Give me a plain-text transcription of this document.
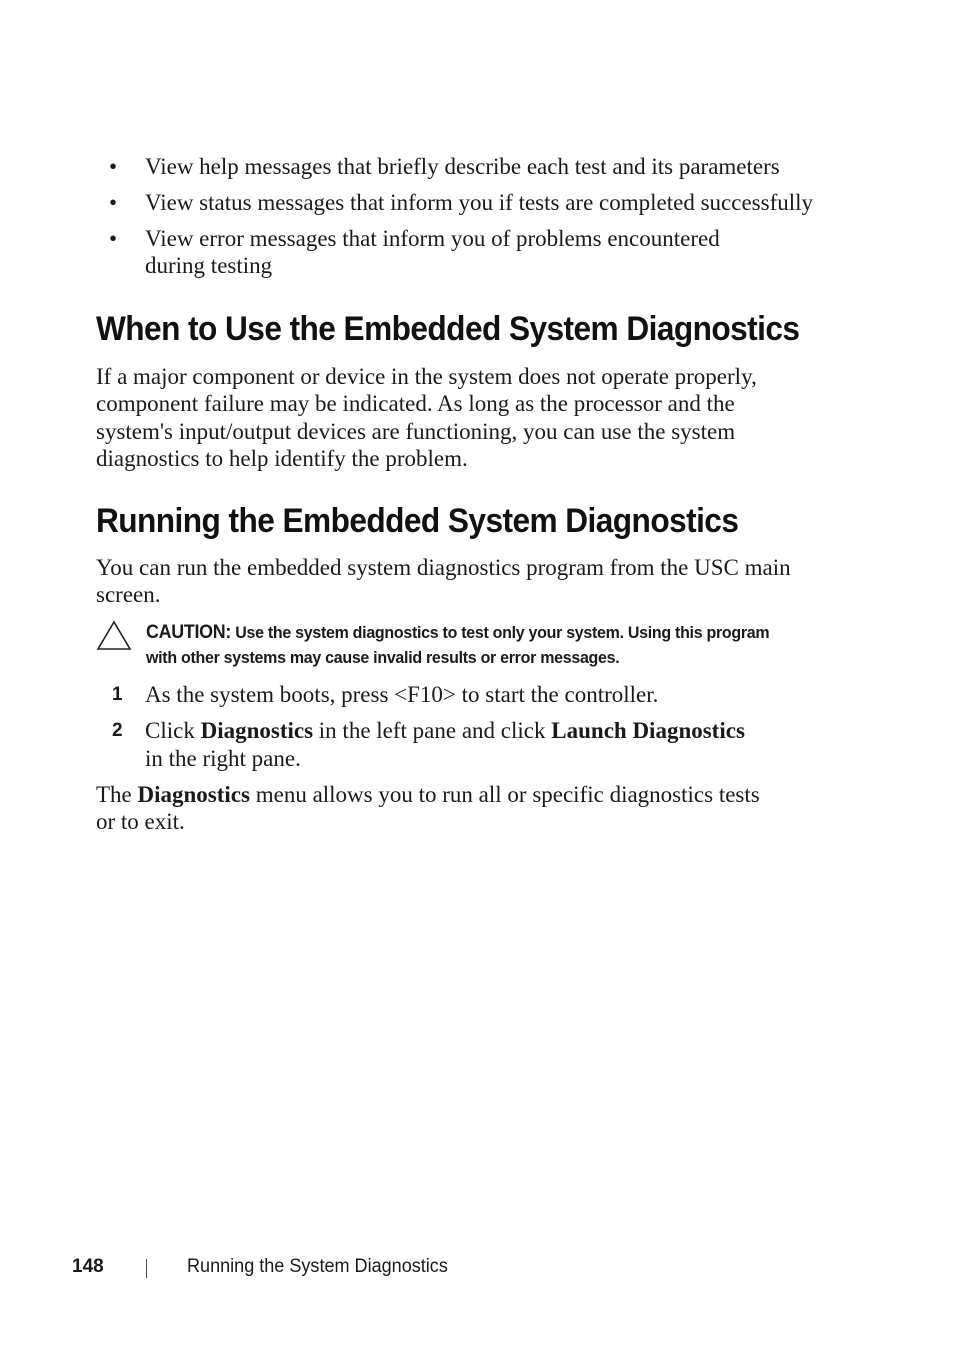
• View help messages that briefly describe each test and its parameters
• View status messages that inform you if tests are completed successfully
• View error messages that inform you of problems encountered during testing
When to Use the Embedded System Diagnostics

If a major component or device in the system does not operate properly, component failure may be indicated. As long as the processor and the system's input/output devices are functioning, you can use the system diagnostics to help identify the problem.

Running the Embedded System Diagnostics

You can run the embedded system diagnostics program from the USC main screen.

CAUTION: Use the system diagnostics to test only your system. Using this program with other systems may cause invalid results or error messages.
1 As the system boots, press <F10> to start the controller.
2 Click Diagnostics in the left pane and click Launch Diagnostics in the right pane.

The Diagnostics menu allows you to run all or specific diagnostics tests or to exit.

148	Running the System Diagnostics
